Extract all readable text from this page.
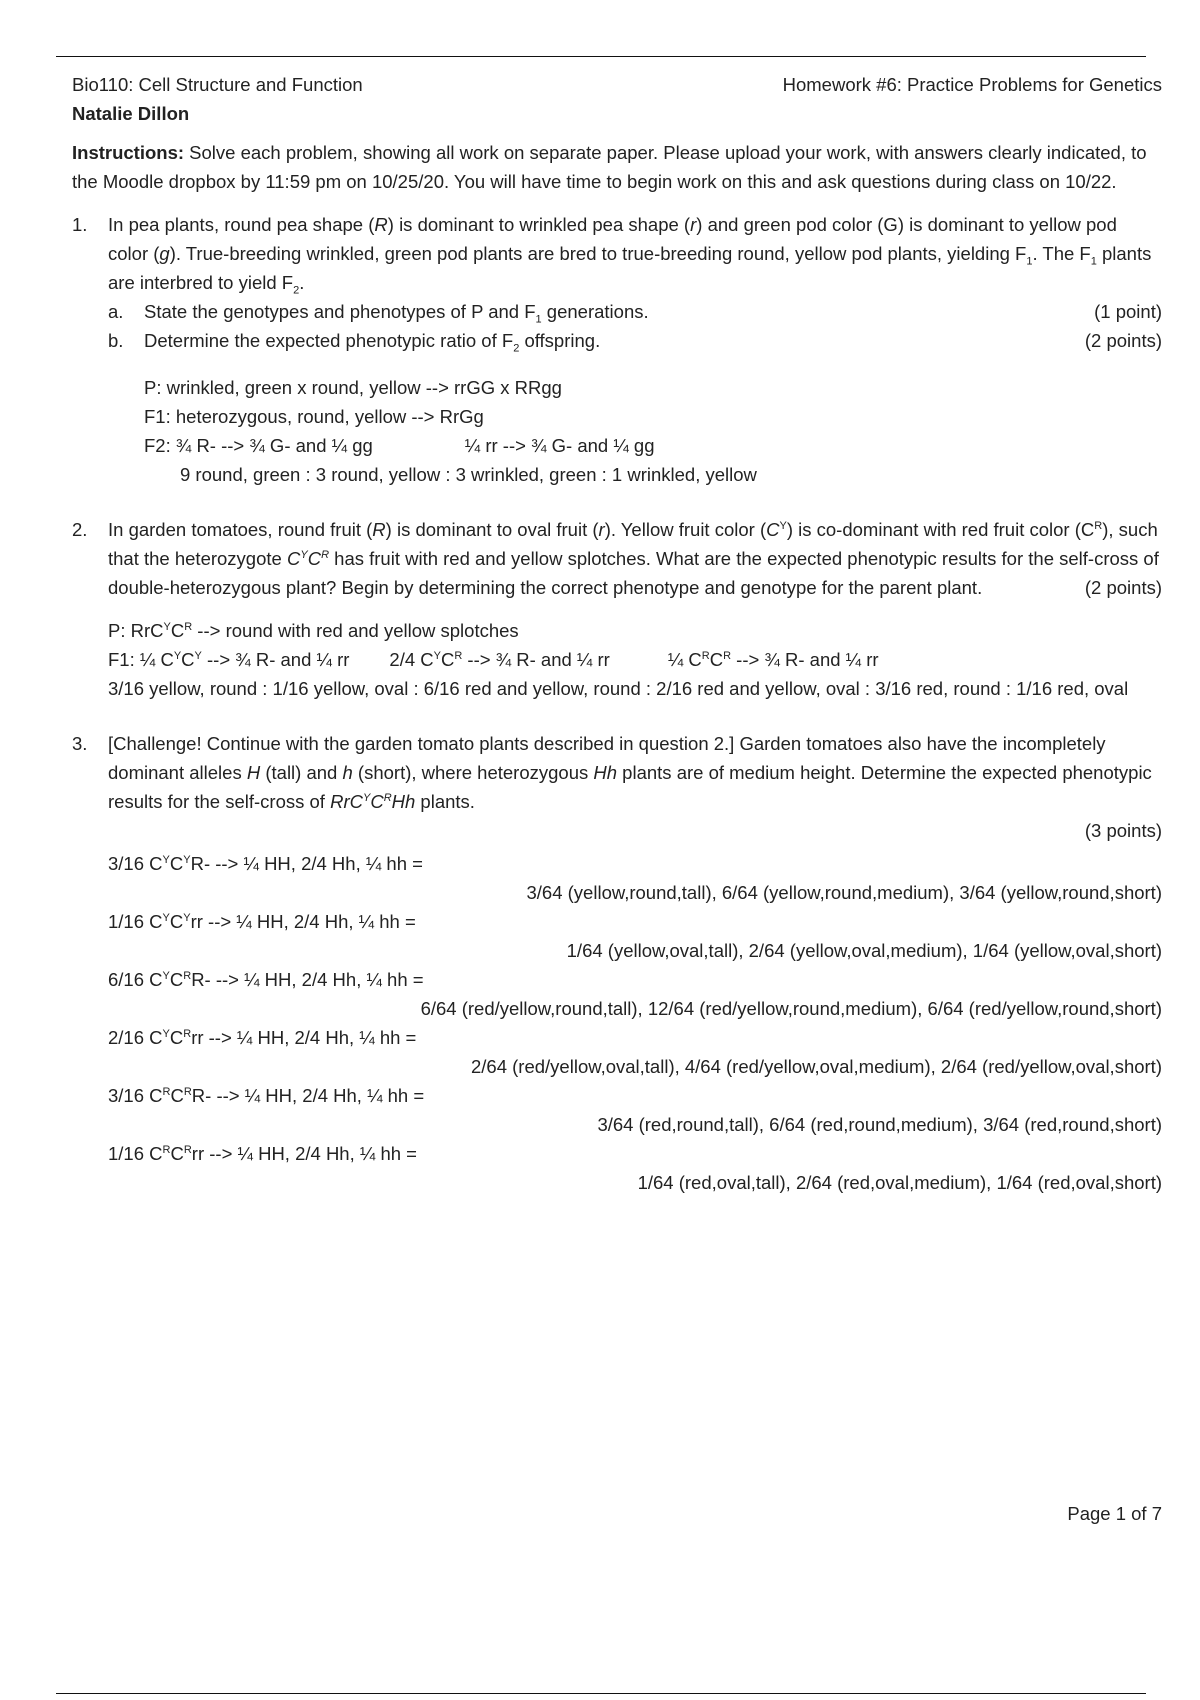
Bio110: Cell Structure and Function	Homework #6: Practice Problems for Genetics
Natalie Dillon
Instructions: Solve each problem, showing all work on separate paper. Please upload your work, with answers clearly indicated, to the Moodle dropbox by 11:59 pm on 10/25/20. You will have time to begin work on this and ask questions during class on 10/22.
1.	In pea plants, round pea shape (R) is dominant to wrinkled pea shape (r) and green pod color (G) is dominant to yellow pod color (g). True-breeding wrinkled, green pod plants are bred to true-breeding round, yellow pod plants, yielding $F_1$. The $F_1$ plants are interbred to yield $F_2$.
a.	State the genotypes and phenotypes of P and $F_1$ generations.	(1 point)
b.	Determine the expected phenotypic ratio of $F_2$ offspring.	(2 points)
P: wrinkled, green x round, yellow --> rrGG x RRgg
F1: heterozygous, round, yellow --> RrGg
F2: ¾ R- --> ¾ G- and ¼ gg	¼ rr --> ¾ G- and ¼ gg
9 round, green : 3 round, yellow : 3 wrinkled, green : 1 wrinkled, yellow
2.	In garden tomatoes, round fruit (R) is dominant to oval fruit (r). Yellow fruit color $(C^Y)$ is co-dominant with red fruit color $(C^R)$, such that the heterozygote $C^YC^R$ has fruit with red and yellow splotches. What are the expected phenotypic results for the self-cross of double-heterozygous plant? Begin by determining the correct phenotype and genotype for the parent plant.	(2 points)
P: $RrC^YC^R$ --> round with red and yellow splotches
F1: ¼ $C^YC^Y$ --> ¾ R- and ¼ rr 2/4 $C^YC^R$ --> ¾ R- and ¼ rr	¼ $C^RC^R$ --> ¾ R- and ¼ rr
3/16 yellow, round : 1/16 yellow, oval : 6/16 red and yellow, round : 2/16 red and yellow, oval : 3/16 red, round : 1/16 red, oval
3.	[Challenge! Continue with the garden tomato plants described in question 2.] Garden tomatoes also have the incompletely dominant alleles H (tall) and h (short), where heterozygous Hh plants are of medium height. Determine the expected phenotypic results for the self-cross of $RrC^YC^RHh$ plants.
(3 points)
3/16 $C^YC^YR-$ --> ¼ HH, 2/4 Hh, ¼ hh =
3/64 (yellow,round,tall), 6/64 (yellow,round,medium), 3/64 (yellow,round,short)
1/16 $C^YC^Yrr$ --> ¼ HH, 2/4 Hh, ¼ hh =
1/64 (yellow,oval,tall), 2/64 (yellow,oval,medium), 1/64 (yellow,oval,short)
6/16 $C^YC^RR-$ --> ¼ HH, 2/4 Hh, ¼ hh =
6/64 (red/yellow,round,tall), 12/64 (red/yellow,round,medium), 6/64 (red/yellow,round,short)
2/16 $C^YC^Rrr$ --> ¼ HH, 2/4 Hh, ¼ hh =
2/64 (red/yellow,oval,tall), 4/64 (red/yellow,oval,medium), 2/64 (red/yellow,oval,short)
3/16 $C^RC^RR-$ --> ¼ HH, 2/4 Hh, ¼ hh =
3/64 (red,round,tall), 6/64 (red,round,medium), 3/64 (red,round,short)
1/16 $C^RC^Rrr$ --> ¼ HH, 2/4 Hh, ¼ hh =
1/64 (red,oval,tall), 2/64 (red,oval,medium), 1/64 (red,oval,short)
Page 1 of 7
